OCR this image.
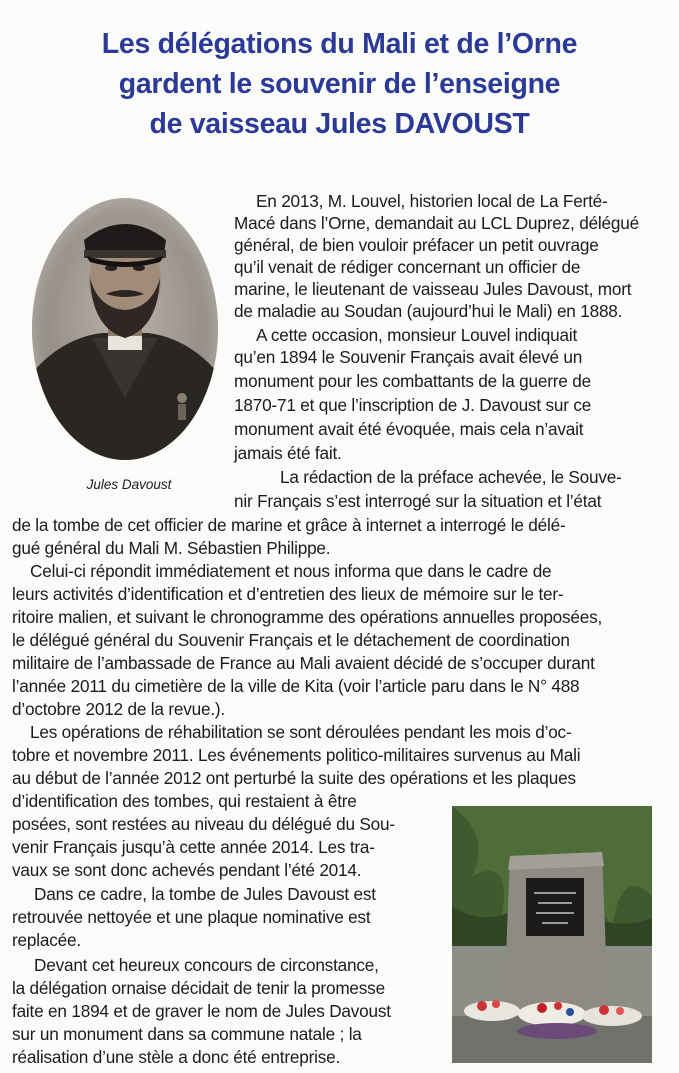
Les délégations du Mali et de l’Orne
gardent le souvenir de l’enseigne
de vaisseau Jules DAVOUST

Jules Davoust

En 2013, M. Louvel, historien local de La Ferté-

Macé dans l’Orne, demandait au LCL Duprez, délégué

général, de bien vouloir préfacer un petit ouvrage

qu’il venait de rédiger concernant un officier de

marine, le lieutenant de vaisseau Jules Davoust, mort

de maladie au Soudan (aujourd’hui le Mali) en 1888.

A cette occasion, monsieur Louvel indiquait

qu’en 1894 le Souvenir Français avait élevé un

monument pour les combattants de la guerre de

1870-71 et que l’inscription de J. Davoust sur ce

monument avait été évoquée, mais cela n’avait

jamais été fait.

La rédaction de la préface achevée, le Souve-

nir Français s’est interrogé sur la situation et l’état

de la tombe de cet officier de marine et grâce à internet a interrogé le délé-

gué général du Mali M. Sébastien Philippe.

Celui-ci répondit immédiatement et nous informa que dans le cadre de

leurs activités d’identification et d’entretien des lieux de mémoire sur le ter-

ritoire malien, et suivant le chronogramme des opérations annuelles proposées,

le délégué général du Souvenir Français et le détachement de coordination

militaire de l’ambassade de France au Mali avaient décidé de s’occuper durant

l’année 2011 du cimetière de la ville de Kita (voir l’article paru dans le N° 488

d’octobre 2012 de la revue.).

Les opérations de réhabilitation se sont déroulées pendant les mois d’oc-

tobre et novembre 2011. Les événements politico-militaires survenus au Mali

au début de l’année 2012 ont perturbé la suite des opérations et les plaques

d’identification des tombes, qui restaient à être

posées, sont restées au niveau du délégué du Sou-

venir Français jusqu’à cette année 2014. Les tra-

vaux se sont donc achevés pendant l’été 2014.

Dans ce cadre, la tombe de Jules Davoust est

retrouvée nettoyée et une plaque nominative est

replacée.

Devant cet heureux concours de circonstance,

la délégation ornaise décidait de tenir la promesse

faite en 1894 et de graver le nom de Jules Davoust

sur un monument dans sa commune natale ; la

réalisation d’une stèle a donc été entreprise.
